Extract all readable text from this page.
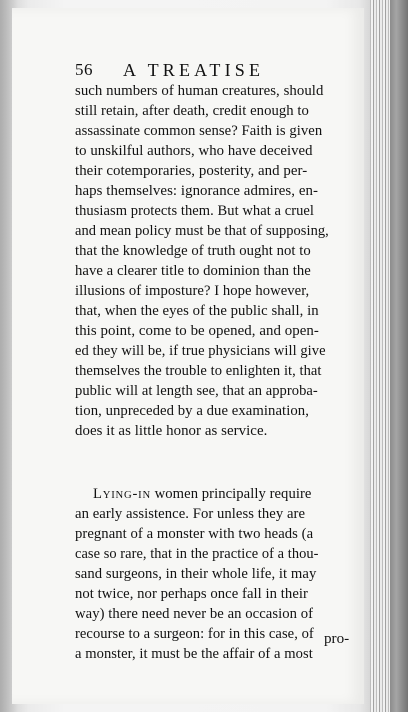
56 A TREATISE
such numbers of human creatures, should
still retain, after death, credit enough to
assassinate common sense? Faith is given
to unskilful authors, who have deceived
their cotemporaries, posterity, and per-
haps themselves: ignorance admires, en-
thusiasm protects them. But what a cruel
and mean policy must be that of supposing,
that the knowledge of truth ought not to
have a clearer title to dominion than the
illusions of imposture? I hope however,
that, when the eyes of the public shall, in
this point, come to be opened, and open-
ed they will be, if true physicians will give
themselves the trouble to enlighten it, that
public will at length see, that an approba-
tion, unpreceded by a due examination,
does it as little honor as service.
Lying-in women principally require
an early assistence. For unless they are
pregnant of a monster with two heads (a
case so rare, that in the practice of a thou-
sand surgeons, in their whole life, it may
not twice, nor perhaps once fall in their
way) there need never be an occasion of
recourse to a surgeon: for in this case, of
a monster, it must be the affair of a most
pro-
